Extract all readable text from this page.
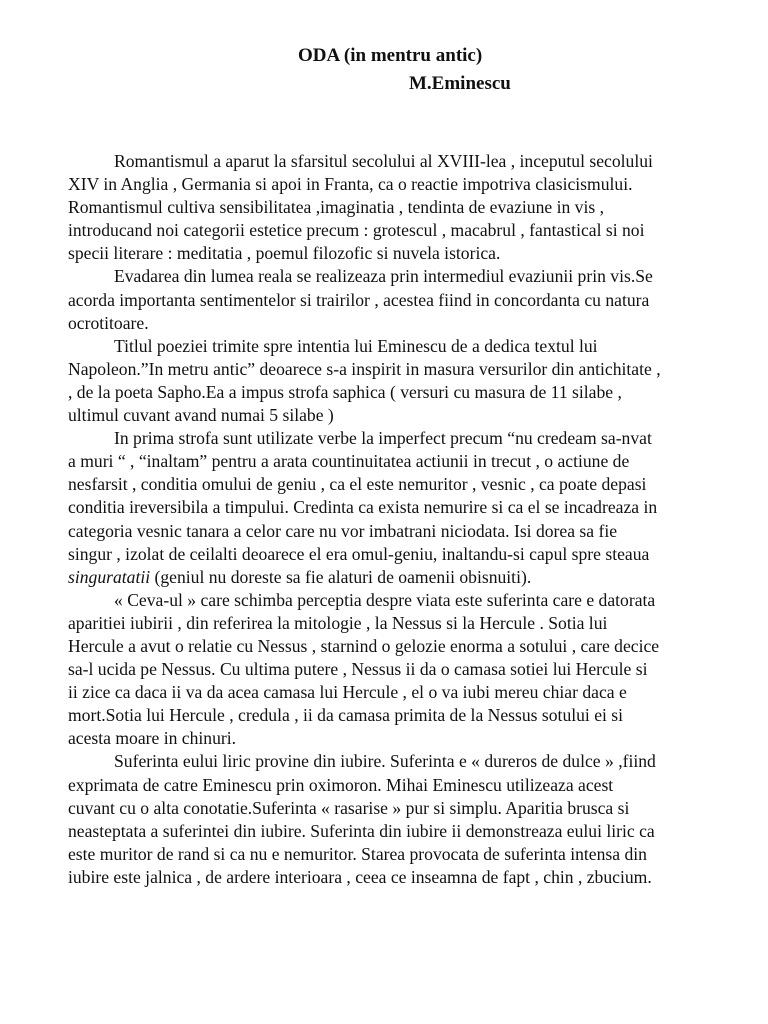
ODA (in mentru antic)
M.Eminescu
Romantismul a aparut la sfarsitul secolului al XVIII-lea , inceputul secolului
XIV in Anglia , Germania si apoi in Franta, ca o reactie impotriva clasicismului.
Romantismul cultiva sensibilitatea ,imaginatia , tendinta de evaziune in vis ,
introducand noi categorii estetice precum : grotescul , macabrul , fantastical si noi
specii literare : meditatia , poemul filozofic si nuvela istorica.
Evadarea din lumea reala se realizeaza prin intermediul evaziunii prin vis.Se
acorda importanta sentimentelor si trairilor , acestea fiind in concordanta cu natura
ocrotitoare.
Titlul poeziei trimite spre intentia lui Eminescu de a dedica textul lui
Napoleon.”In metru antic” deoarece s-a inspirit in masura versurilor din antichitate ,
, de la poeta Sapho.Ea a impus strofa saphica ( versuri cu masura de 11 silabe ,
ultimul cuvant avand numai 5 silabe )
In prima strofa sunt utilizate verbe la imperfect precum “nu credeam sa-nvat
a muri “ , “inaltam” pentru a arata countinuitatea actiunii in trecut , o actiune de
nesfarsit , conditia omului de geniu , ca el este nemuritor , vesnic , ca poate depasi
conditia ireversibila a timpului. Credinta ca exista nemurire si ca el se incadreaza in
categoria vesnic tanara a celor care nu vor imbatrani niciodata. Isi dorea sa fie
singur , izolat de ceilalti deoarece el era omul-geniu, inaltandu-si capul spre steaua
singuratatii (geniul nu doreste sa fie alaturi de oamenii obisnuiti).
« Ceva-ul » care schimba perceptia despre viata este suferinta care e datorata
aparitiei iubirii , din referirea la mitologie , la Nessus si la Hercule . Sotia lui
Hercule a avut o relatie cu Nessus , starnind o gelozie enorma a sotului , care decice
sa-l ucida pe Nessus. Cu ultima putere , Nessus ii da o camasa sotiei lui Hercule si
ii zice ca daca ii va da acea camasa lui Hercule , el o va iubi mereu chiar daca e
mort.Sotia lui Hercule , credula , ii da camasa primita de la Nessus sotului ei si
acesta moare in chinuri.
Suferinta eului liric provine din iubire. Suferinta e « dureros de dulce » ,fiind
exprimata de catre Eminescu prin oximoron. Mihai Eminescu utilizeaza acest
cuvant cu o alta conotatie.Suferinta « rasarise » pur si simplu. Aparitia brusca si
neasteptata a suferintei din iubire. Suferinta din iubire ii demonstreaza eului liric ca
este muritor de rand si ca nu e nemuritor. Starea provocata de suferinta intensa din
iubire este jalnica , de ardere interioara , ceea ce inseamna de fapt , chin , zbucium.
